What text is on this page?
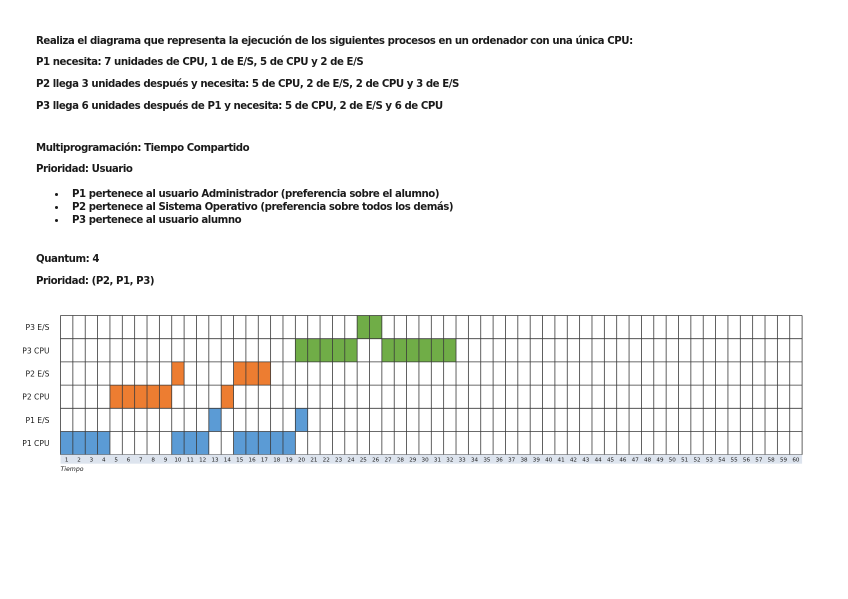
Realiza el diagrama que representa la ejecución de los siguientes procesos en un ordenador con una única CPU:

P1 necesita: 7 unidades de CPU, 1 de E/S, 5 de CPU y 2 de E/S

P2 llega 3 unidades después y necesita: 5 de CPU, 2 de E/S, 2 de CPU y 3 de E/S

P3 llega 6 unidades después de P1 y necesita: 5 de CPU, 2 de E/S y 6 de CPU

Multiprogramación: Tiempo Compartido

Prioridad: Usuario

P1 pertenece al usuario Administrador (preferencia sobre el alumno)
P2 pertenece al Sistema Operativo (preferencia sobre todos los demás)
P3 pertenece al usuario alumno

Quantum: 4

Prioridad: (P2, P1, P3)

P3 E/S
P3 CPU
P2 E/S
P2 CPU
P1 E/S
P1 CPU
1 2 3 4 5 6 7 8 9 10 11 12 13 14 15 16 17 18 19 20 21 22 23 24 25 26 27 28 29 30 31 32 33 34 35 36 37 38 39 40 41 42 43 44 45 46 47 48 49 50 51 52 53 54 55 56 57 58 59 60
Tiempo
